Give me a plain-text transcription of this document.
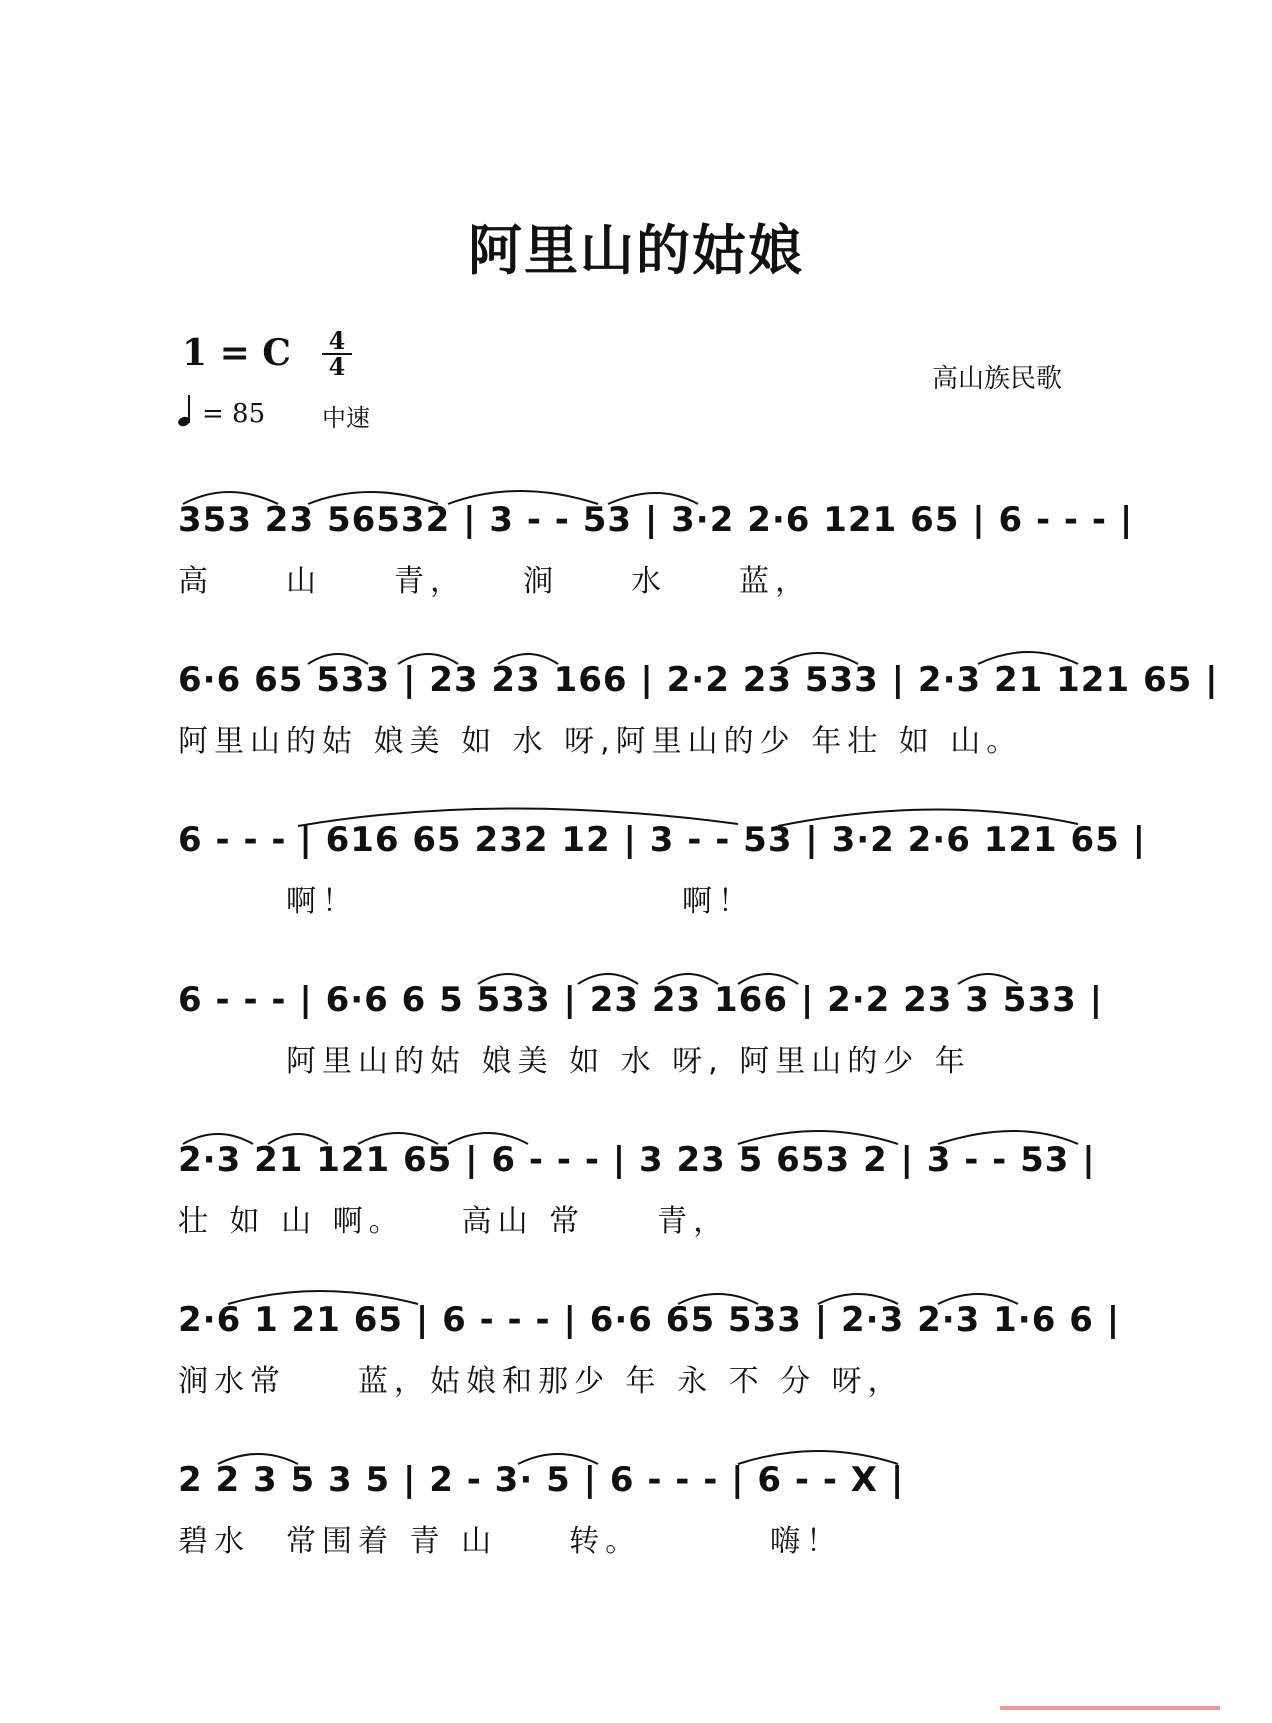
阿里山的姑娘
1 = C 4
4
= 85 中速
高山族民歌
353 23 56532 | 3 - - 53 | 3·2 2·6 121 65 | 6 - - - |
高　　山　　青，　　涧　　水　　蓝，
6·6 65 533 | 23 23 166 | 2·2 23 533 | 2·3 21 121 65 |
阿里山的姑 娘美 如 水 呀,阿里山的少 年壮 如 山。
6 - - - | 616 65 232 12 | 3 - - 53 | 3·2 2·6 121 65 |
　　　啊！　　　　　　　　　啊！
6 - - - | 6·6 6 5 533 | 23 23 166 | 2·2 23 3 533 |
　　　阿里山的姑 娘美 如 水 呀, 阿里山的少 年
2·3 21 121 65 | 6 - - - | 3 23 5 653 2 | 3 - - 53 |
壮 如 山 啊。　　高山 常　　青，
2·6 1 21 65 | 6 - - - | 6·6 65 533 | 2·3 2·3 1·6 6 |
涧水常　　蓝，姑娘和那少 年 永 不 分 呀，
2 2 3 5 3 5 | 2 - 3· 5 | 6 - - - | 6 - - X |
碧水　常围着 青 山　　转。　　　　嗨！
